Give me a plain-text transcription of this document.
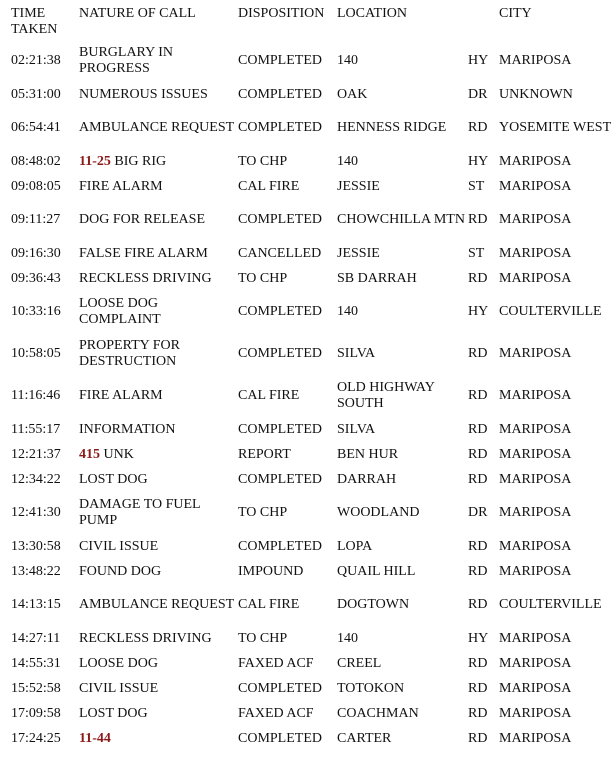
TIME TAKEN	NATURE OF CALL	DISPOSITION	LOCATION		CITY
02:21:38	BURGLARY IN PROGRESS	COMPLETED	140	HY	MARIPOSA
05:31:00	NUMEROUS ISSUES	COMPLETED	OAK	DR	UNKNOWN
06:54:41	AMBULANCE REQUEST	COMPLETED	HENNESS RIDGE	RD	YOSEMITE WEST
08:48:02	11-25 BIG RIG	TO CHP	140	HY	MARIPOSA
09:08:05	FIRE ALARM	CAL FIRE	JESSIE	ST	MARIPOSA
09:11:27	DOG FOR RELEASE	COMPLETED	CHOWCHILLA MTN	RD	MARIPOSA
09:16:30	FALSE FIRE ALARM	CANCELLED	JESSIE	ST	MARIPOSA
09:36:43	RECKLESS DRIVING	TO CHP	SB DARRAH	RD	MARIPOSA
10:33:16	LOOSE DOG COMPLAINT	COMPLETED	140	HY	COULTERVILLE
10:58:05	PROPERTY FOR DESTRUCTION	COMPLETED	SILVA	RD	MARIPOSA
11:16:46	FIRE ALARM	CAL FIRE	OLD HIGHWAY SOUTH	RD	MARIPOSA
11:55:17	INFORMATION	COMPLETED	SILVA	RD	MARIPOSA
12:21:37	415 UNK	REPORT	BEN HUR	RD	MARIPOSA
12:34:22	LOST DOG	COMPLETED	DARRAH	RD	MARIPOSA
12:41:30	DAMAGE TO FUEL PUMP	TO CHP	WOODLAND	DR	MARIPOSA
13:30:58	CIVIL ISSUE	COMPLETED	LOPA	RD	MARIPOSA
13:48:22	FOUND DOG	IMPOUND	QUAIL HILL	RD	MARIPOSA
14:13:15	AMBULANCE REQUEST	CAL FIRE	DOGTOWN	RD	COULTERVILLE
14:27:11	RECKLESS DRIVING	TO CHP	140	HY	MARIPOSA
14:55:31	LOOSE DOG	FAXED ACF	CREEL	RD	MARIPOSA
15:52:58	CIVIL ISSUE	COMPLETED	TOTOKON	RD	MARIPOSA
17:09:58	LOST DOG	FAXED ACF	COACHMAN	RD	MARIPOSA
17:24:25	11-44	COMPLETED	CARTER	RD	MARIPOSA
